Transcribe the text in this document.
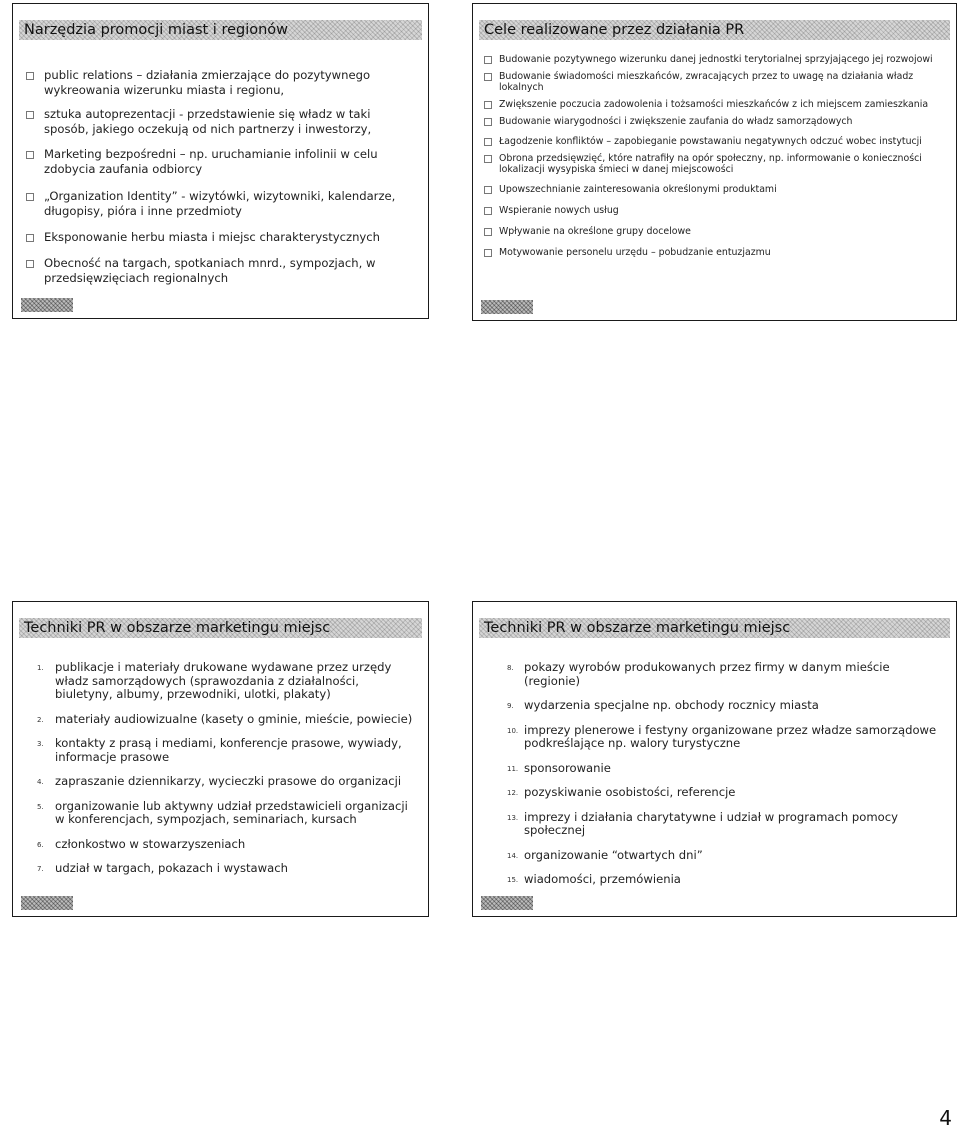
Narzędzia promocji miast i regionów
public relations – działania zmierzające do pozytywnego wykreowania wizerunku miasta i regionu,
sztuka autoprezentacji - przedstawienie się władz w taki sposób, jakiego oczekują od nich partnerzy i inwestorzy,
Marketing bezpośredni – np. uruchamianie infolinii w celu zdobycia zaufania odbiorcy
„Organization Identity” - wizytówki, wizytowniki, kalendarze, długopisy, pióra i inne przedmioty
Eksponowanie herbu miasta i miejsc charakterystycznych
Obecność na targach, spotkaniach mnrd., sympozjach, w przedsięwzięciach regionalnych
Cele realizowane przez działania PR
Budowanie pozytywnego wizerunku danej jednostki terytorialnej sprzyjającego jej rozwojowi
Budowanie świadomości mieszkańców, zwracających przez to uwagę na działania władz lokalnych
Zwiększenie poczucia zadowolenia i tożsamości mieszkańców z ich miejscem zamieszkania
Budowanie wiarygodności i zwiększenie zaufania do władz samorządowych
Łagodzenie konfliktów – zapobieganie powstawaniu negatywnych odczuć wobec instytucji
Obrona przedsięwzięć, które natrafiły na opór społeczny, np. informowanie o konieczności lokalizacji wysypiska śmieci w danej miejscowości
Upowszechnianie zainteresowania określonymi produktami
Wspieranie nowych usług
Wpływanie na określone grupy docelowe
Motywowanie personelu urzędu – pobudzanie entuzjazmu
Techniki PR w obszarze marketingu miejsc
1. publikacje i materiały drukowane wydawane przez urzędy władz samorządowych (sprawozdania z działalności, biuletyny, albumy, przewodniki, ulotki, plakaty)
2. materiały audiowizualne (kasety o gminie, mieście, powiecie)
3. kontakty z prasą i mediami, konferencje prasowe, wywiady, informacje prasowe
4. zapraszanie dziennikarzy, wycieczki prasowe do organizacji
5. organizowanie lub aktywny udział przedstawicieli organizacji w konferencjach, sympozjach, seminariach, kursach
6. członkostwo w stowarzyszeniach
7. udział w targach, pokazach i wystawach
Techniki PR w obszarze marketingu miejsc
8. pokazy wyrobów produkowanych przez firmy w danym mieście (regionie)
9. wydarzenia specjalne np. obchody rocznicy miasta
10. imprezy plenerowe i festyny organizowane przez władze samorządowe podkreślające np. walory turystyczne
11. sponsorowanie
12. pozyskiwanie osobistości, referencje
13. imprezy i działania charytatywne i udział w programach pomocy społecznej
14. organizowanie “otwartych dni”
15. wiadomości, przemówienia
4
